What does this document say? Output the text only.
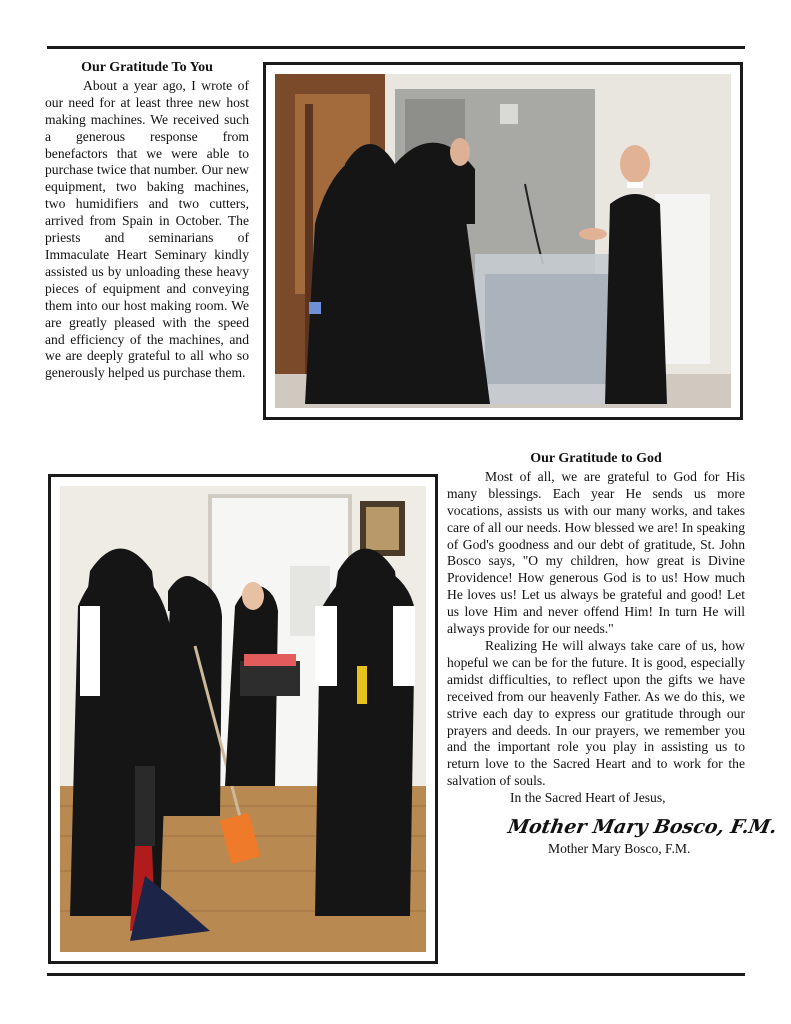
Our Gratitude To You

About a year ago, I wrote of our need for at least three new host making machines. We received such a generous response from benefactors that we were able to purchase twice that number. Our new equipment, two baking machines, two humidifiers and two cutters, arrived from Spain in October. The priests and seminarians of Immaculate Heart Seminary kindly assisted us by unloading these heavy pieces of equipment and conveying them into our host making room. We are greatly pleased with the speed and efficiency of the machines, and we are deeply grateful to all who so generously helped us purchase them.

Our Gratitude to God

Most of all, we are grateful to God for His many blessings. Each year He sends us more vocations, assists us with our many works, and takes care of all our needs. How blessed we are! In speaking of God's goodness and our debt of gratitude, St. John Bosco says, "O my children, how great is Divine Providence! How generous God is to us! How much He loves us! Let us always be grateful and good! Let us love Him and never offend Him! In turn He will always provide for our needs."

Realizing He will always take care of us, how hopeful we can be for the future. It is good, especially amidst difficulties, to reflect upon the gifts we have received from our heavenly Father. As we do this, we strive each day to express our gratitude through our prayers and deeds. In our prayers, we remember you and the important role you play in assisting us to return love to the Sacred Heart and to work for the salvation of souls.

In the Sacred Heart of Jesus,

Mother Mary Bosco, F.M.

Mother Mary Bosco, F.M.
